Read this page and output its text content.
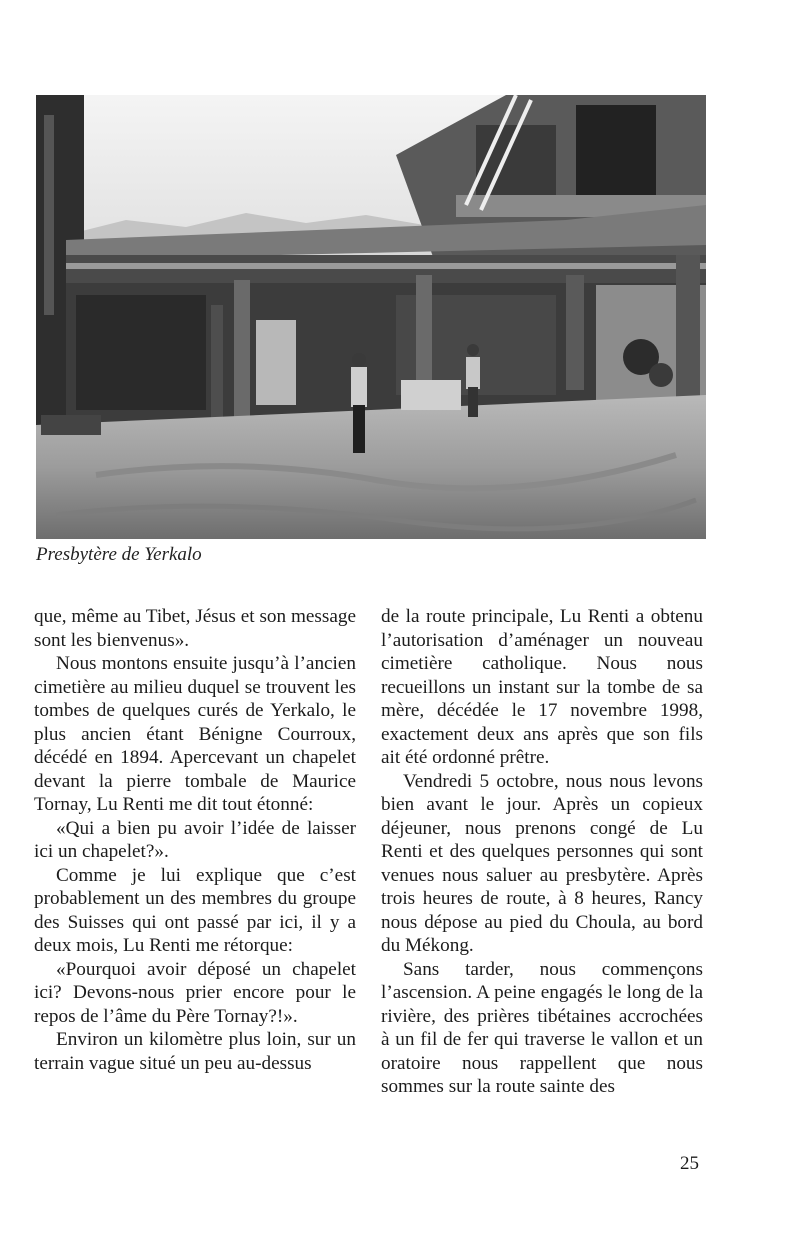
Presbytère de Yerkalo

que, même au Tibet, Jésus et son message sont les bienvenus».

Nous montons ensuite jusqu’à l’ancien cimetière au milieu duquel se trouvent les tombes de quelques curés de Yerkalo, le plus ancien étant Bénigne Courroux, décédé en 1894. Apercevant un chapelet devant la pierre tombale de Maurice Tornay, Lu Renti me dit tout étonné:

«Qui a bien pu avoir l’idée de laisser ici un chapelet?».

Comme je lui explique que c’est probablement un des membres du groupe des Suisses qui ont passé par ici, il y a deux mois, Lu Renti me rétorque:

«Pourquoi avoir déposé un chapelet ici? Devons-nous prier encore pour le repos de l’âme du Père Tornay?!».

Environ un kilomètre plus loin, sur un terrain vague situé un peu au-dessus

de la route principale, Lu Renti a obtenu l’autorisation d’aménager un nouveau cimetière catholique. Nous nous recueillons un instant sur la tombe de sa mère, décédée le 17 novembre 1998, exactement deux ans après que son fils ait été ordonné prêtre.

Vendredi 5 octobre, nous nous levons bien avant le jour. Après un copieux déjeuner, nous prenons congé de Lu Renti et des quelques personnes qui sont venues nous saluer au presbytère. Après trois heures de route, à 8 heures, Rancy nous dépose au pied du Choula, au bord du Mékong.

Sans tarder, nous commençons l’ascension. A peine engagés le long de la rivière, des prières tibétaines accrochées à un fil de fer qui traverse le vallon et un oratoire nous rappellent que nous sommes sur la route sainte des

25
